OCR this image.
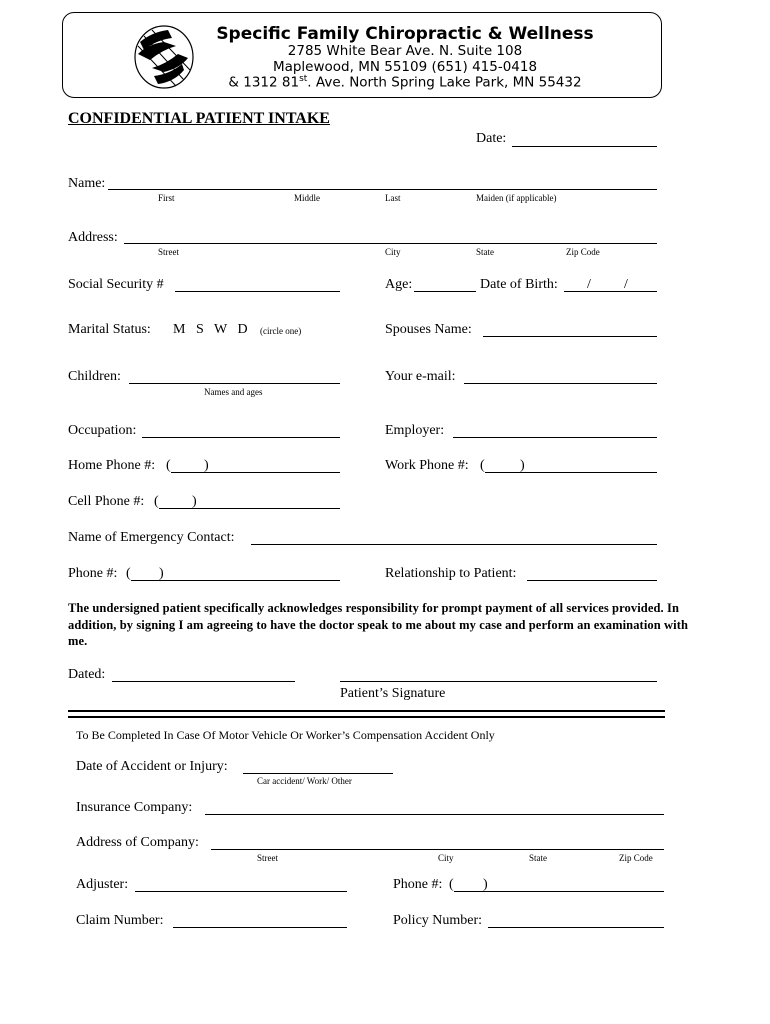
Specific Family Chiropractic & Wellness
2785 White Bear Ave. N. Suite 108
Maplewood, MN 55109 (651) 415-0418
& 1312 81st. Ave. North Spring Lake Park, MN 55432
CONFIDENTIAL PATIENT INTAKE
Date:
Name:
First	Middle	Last	Maiden (if applicable)
Address:
Street	City	State	Zip Code
Social Security #	Age:	Date of Birth: / /
Marital Status: M   S   W   D (circle one)	Spouses Name:
Children:
Names and ages
Your e-mail:
Occupation:	Employer:
Home Phone #: ( )	Work Phone #: (	)
Cell Phone #: ( )
Name of Emergency Contact:
Phone #: ( )	Relationship to Patient:
The undersigned patient specifically acknowledges responsibility for prompt payment of all services provided. In addition, by signing I am agreeing to have the doctor speak to me about my case and perform an examination with me.
Dated:
Patient’s Signature
To Be Completed In Case Of Motor Vehicle Or Worker’s Compensation Accident Only
Date of Accident or Injury:
Car accident/ Work/ Other
Insurance Company:
Address of Company:
Street	City	State	Zip Code
Adjuster:	Phone #: ( )
Claim Number:	Policy Number:
